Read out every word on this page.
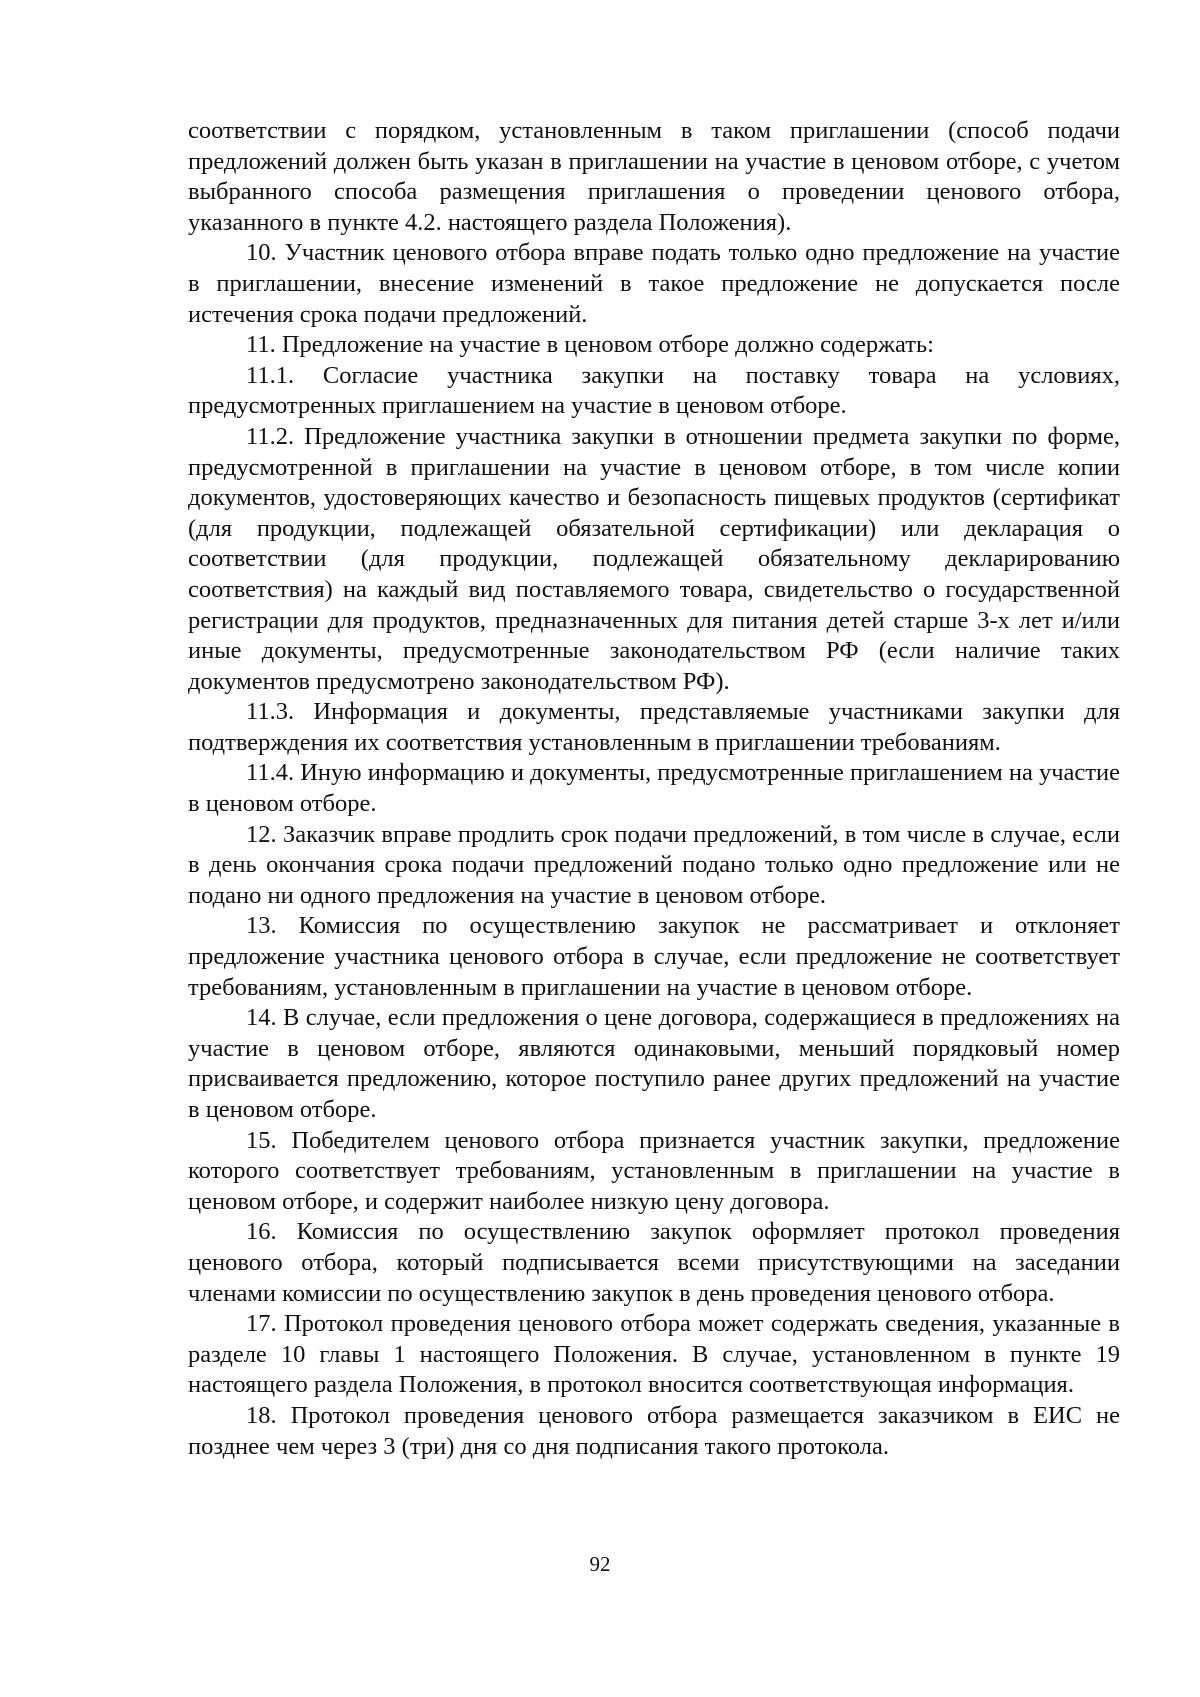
соответствии с порядком, установленным в таком приглашении (способ подачи предложений должен быть указан в приглашении на участие в ценовом отборе, с учетом выбранного способа размещения приглашения о проведении ценового отбора, указанного в пункте 4.2. настоящего раздела Положения).

10. Участник ценового отбора вправе подать только одно предложение на участие в приглашении, внесение изменений в такое предложение не допускается после истечения срока подачи предложений.

11. Предложение на участие в ценовом отборе должно содержать:

11.1. Согласие участника закупки на поставку товара на условиях, предусмотренных приглашением на участие в ценовом отборе.

11.2. Предложение участника закупки в отношении предмета закупки по форме, предусмотренной в приглашении на участие в ценовом отборе, в том числе копии документов, удостоверяющих качество и безопасность пищевых продуктов (сертификат (для продукции, подлежащей обязательной сертификации) или декларация о соответствии (для продукции, подлежащей обязательному декларированию соответствия) на каждый вид поставляемого товара, свидетельство о государственной регистрации для продуктов, предназначенных для питания детей старше 3-х лет и/или иные документы, предусмотренные законодательством РФ (если наличие таких документов предусмотрено законодательством РФ).

11.3. Информация и документы, представляемые участниками закупки для подтверждения их соответствия установленным в приглашении требованиям.

11.4. Иную информацию и документы, предусмотренные приглашением на участие в ценовом отборе.

12. Заказчик вправе продлить срок подачи предложений, в том числе в случае, если в день окончания срока подачи предложений подано только одно предложение или не подано ни одного предложения на участие в ценовом отборе.

13. Комиссия по осуществлению закупок не рассматривает и отклоняет предложение участника ценового отбора в случае, если предложение не соответствует требованиям, установленным в приглашении на участие в ценовом отборе.

14. В случае, если предложения о цене договора, содержащиеся в предложениях на участие в ценовом отборе, являются одинаковыми, меньший порядковый номер присваивается предложению, которое поступило ранее других предложений на участие в ценовом отборе.

15. Победителем ценового отбора признается участник закупки, предложение которого соответствует требованиям, установленным в приглашении на участие в ценовом отборе, и содержит наиболее низкую цену договора.

16. Комиссия по осуществлению закупок оформляет протокол проведения ценового отбора, который подписывается всеми присутствующими на заседании членами комиссии по осуществлению закупок в день проведения ценового отбора.

17. Протокол проведения ценового отбора может содержать сведения, указанные в разделе 10 главы 1 настоящего Положения. В случае, установленном в пункте 19 настоящего раздела Положения, в протокол вносится соответствующая информация.

18. Протокол проведения ценового отбора размещается заказчиком в ЕИС не позднее чем через 3 (три) дня со дня подписания такого протокола.

92
